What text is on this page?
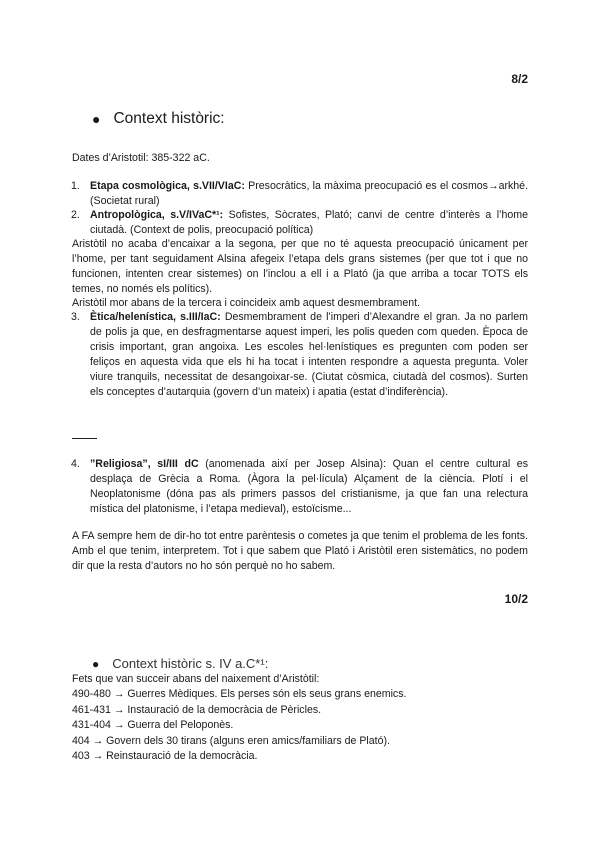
8/2
● Context històric:
Dates d’Aristotil: 385-322 aC.
1. Etapa cosmològica, s.VII/VIaC: Presocràtics, la màxima preocupació es el cosmos→arkhé. (Societat rural)
2. Antropològica, s.V/IVaC*¹: Sofistes, Sòcrates, Plató; canvi de centre d’interès a l’home ciutadà. (Context de polis, preocupació política)
Aristòtil no acaba d’encaixar a la segona, per que no té aquesta preocupació únicament per l’home, per tant seguidament Alsina afegeix l’etapa dels grans sistemes (per que tot i que no funcionen, intenten crear sistemes) on l’inclou a ell i a Plató (ja que arriba a tocar TOTS els temes, no només els polítics).
Aristòtil mor abans de la tercera i coincideix amb aquest desmembrament.
3. Ètica/helenística, s.III/IaC: Desmembrament de l’imperi d’Alexandre el gran. Ja no parlem de polis ja que, en desfragmentarse aquest imperi, les polis queden com queden. Època de crisis important, gran angoixa. Les escoles hel·lenístiques es pregunten com poden ser feliços en aquesta vida que els hi ha tocat i intenten respondre a aquesta pregunta. Voler viure tranquils, necessitat de desangoixar-se. (Ciutat còsmica, ciutadà del cosmos). Surten els conceptes d’autarquia (govern d’un mateix) i apatia (estat d’indiferència).
4. ”Religiosa”, sI/III dC (anomenada així per Josep Alsina): Quan el centre cultural es desplaça de Grècia a Roma. (Àgora la pel·lícula) Alçament de la ciència. Plotí i el Neoplatonisme (dóna pas als primers passos del cristianisme, ja que fan una relectura mística del platonisme, i l’etapa medieval), estoïcisme...
A FA sempre hem de dir-ho tot entre parèntesis o cometes ja que tenim el problema de les fonts. Amb el que tenim, interpretem. Tot i que sabem que Plató i Aristòtil eren sistemàtics, no podem dir que la resta d’autors no ho són perquè no ho sabem.
10/2
● Context històric s. IV a.C*¹:
Fets que van succeir abans del naixement d’Aristòtil:
490-480 → Guerres Mèdiques. Els perses són els seus grans enemics.
461-431 → Instauració de la democràcia de Pèricles.
431-404 → Guerra del Peloponès.
404 → Govern dels 30 tirans (alguns eren amics/familiars de Plató).
403 → Reinstauració de la democràcia.
